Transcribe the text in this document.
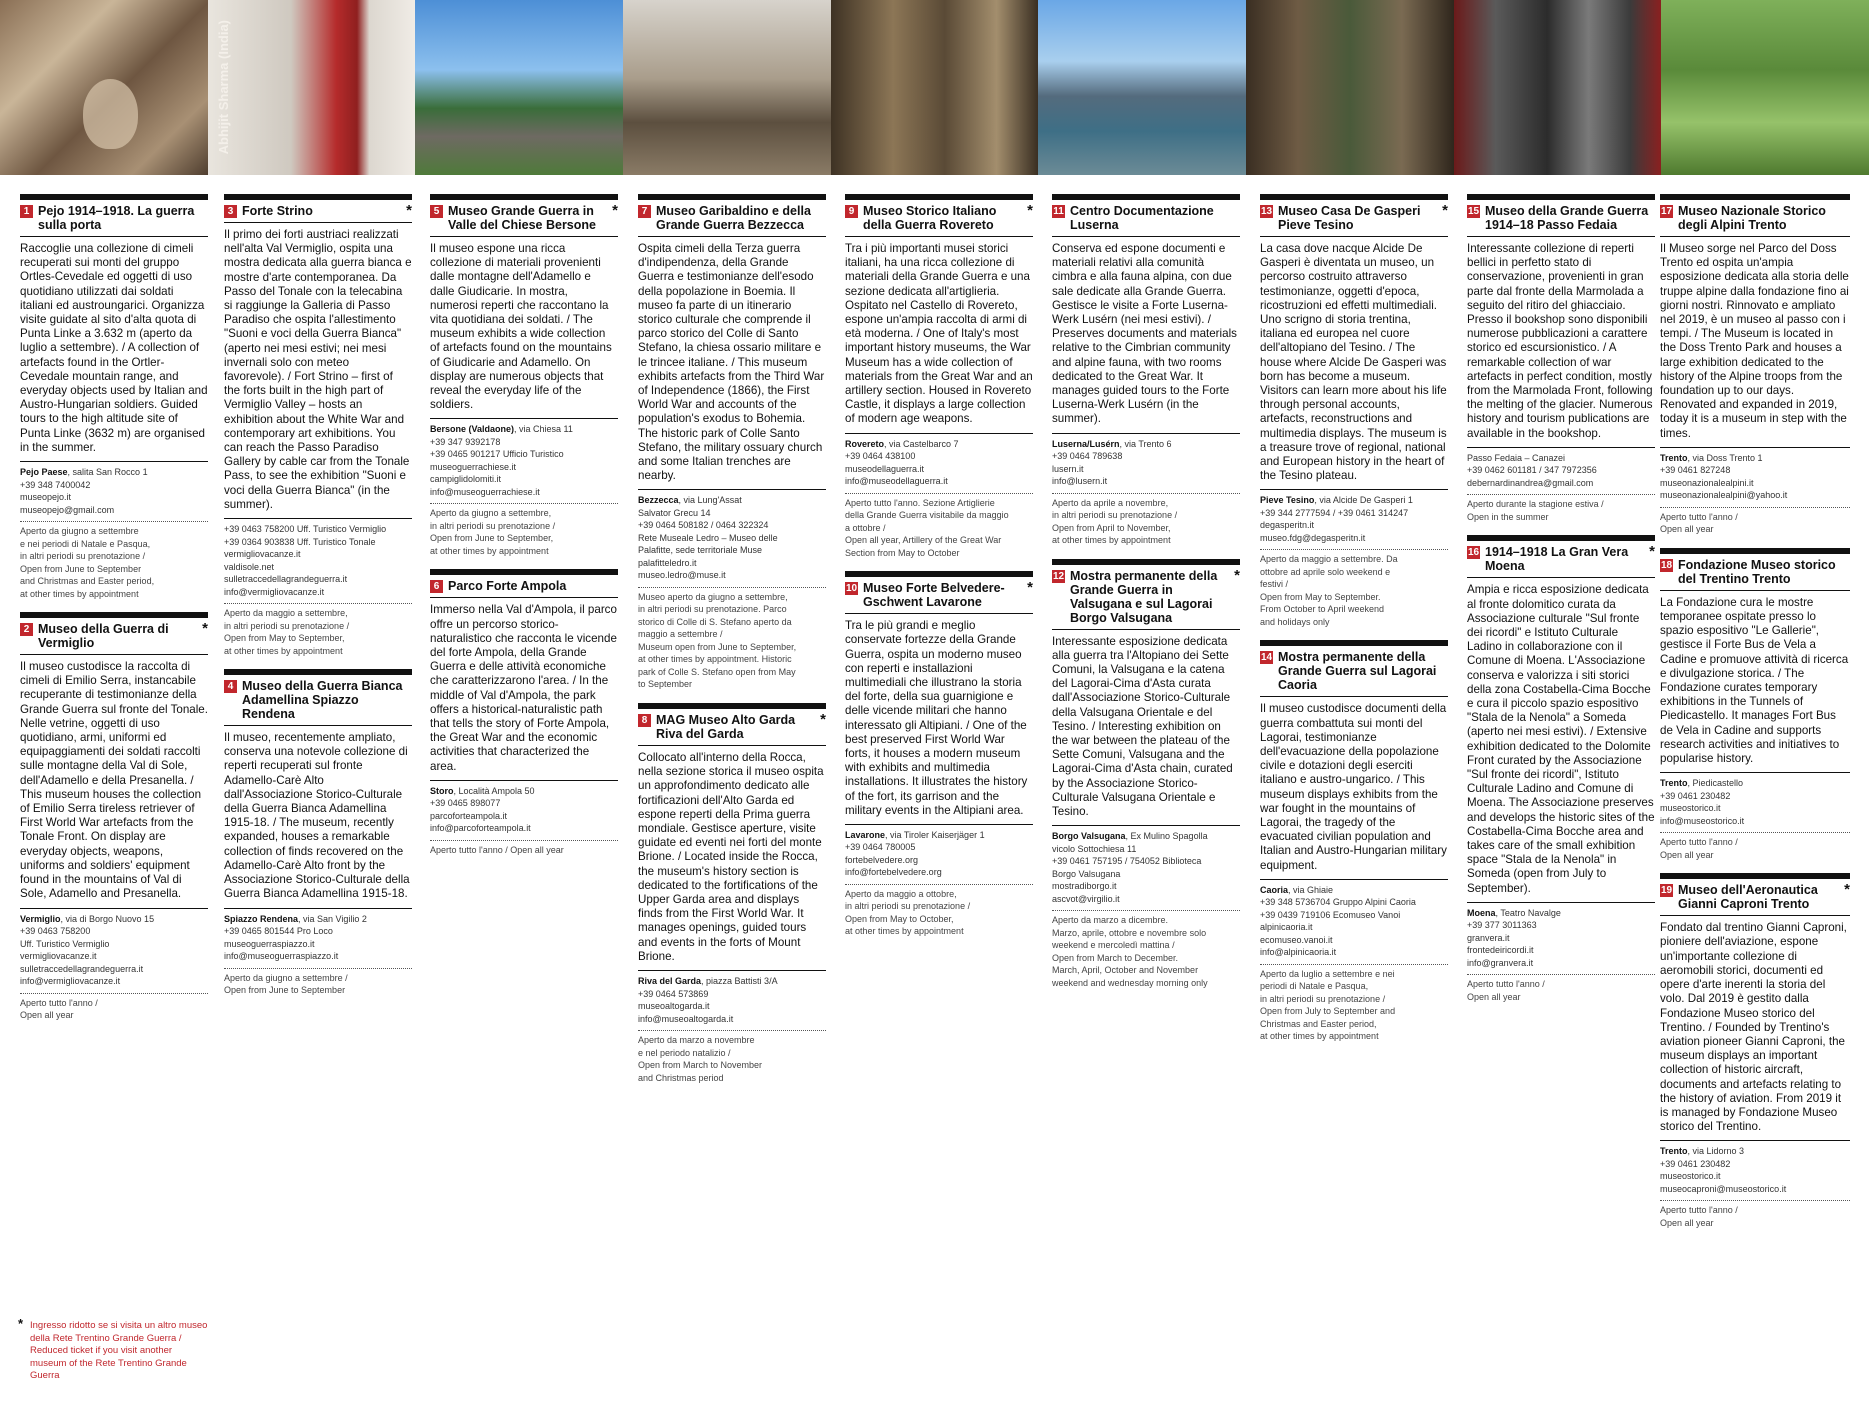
Abhijit Sharma (India)
1 Pejo 1914–1918. La guerra sulla porta
Raccoglie una collezione di cimeli recuperati sui monti del gruppo Ortles-Cevedale ed oggetti di uso quotidiano utilizzati dai soldati italiani ed austroungarici. Organizza visite guidate al sito d'alta quota di Punta Linke a 3.632 m (aperto da luglio a settembre). / A collection of artefacts found in the Ortler-Cevedale mountain range, and everyday objects used by Italian and Austro-Hungarian soldiers. Guided tours to the high altitude site of Punta Linke (3632 m) are organised in the summer.
Pejo Paese, salita San Rocco 1
+39 348 7400042
museopejo.it
museopejo@gmail.com
Aperto da giugno a settembre
e nei periodi di Natale e Pasqua,
in altri periodi su prenotazione /
Open from June to September
and Christmas and Easter period,
at other times by appointment
2 Museo della Guerra di Vermiglio
*
Il museo custodisce la raccolta di cimeli di Emilio Serra, instancabile recuperante di testimonianze della Grande Guerra sul fronte del Tonale. Nelle vetrine, oggetti di uso quotidiano, armi, uniformi ed equipaggiamenti dei soldati raccolti sulle montagne della Val di Sole, dell'Adamello e della Presanella. / This museum houses the collection of Emilio Serra tireless retriever of First World War artefacts from the Tonale Front. On display are everyday objects, weapons, uniforms and soldiers' equipment found in the mountains of Val di Sole, Adamello and Presanella.
Vermiglio, via di Borgo Nuovo 15
+39 0463 758200
Uff. Turistico Vermiglio
vermigliovacanze.it
sulletraccedellagrandeguerra.it
info@vermigliovacanze.it
Aperto tutto l'anno /
Open all year
3 Forte Strino	*
Il primo dei forti austriaci realizzati nell'alta Val Vermiglio, ospita una mostra dedicata alla guerra bianca e mostre d'arte contemporanea. Da Passo del Tonale con la telecabina si raggiunge la Galleria di Passo Paradiso che ospita l'allestimento "Suoni e voci della Guerra Bianca" (aperto nei mesi estivi; nei mesi invernali solo con meteo favorevole). / Fort Strino – first of the forts built in the high part of Vermiglio Valley – hosts an exhibition about the White War and contemporary art exhibitions. You can reach the Passo Paradiso Gallery by cable car from the Tonale Pass, to see the exhibition "Suoni e voci della Guerra Bianca" (in the summer).
+39 0463 758200 Uff. Turistico Vermiglio
+39 0364 903838 Uff. Turistico Tonale
vermigliovacanze.it
valdisole.net
sulletraccedellagrandeguerra.it
info@vermigliovacanze.it
Aperto da maggio a settembre,
in altri periodi su prenotazione /
Open from May to September,
at other times by appointment
4 Museo della Guerra Bianca Adamellina Spiazzo Rendena
Il museo, recentemente ampliato, conserva una notevole collezione di reperti recuperati sul fronte Adamello-Carè Alto dall'Associazione Storico-Culturale della Guerra Bianca Adamellina 1915-18. / The museum, recently expanded, houses a remarkable collection of finds recovered on the Adamello-Carè Alto front by the Associazione Storico-Culturale della Guerra Bianca Adamellina 1915-18.
Spiazzo Rendena, via San Vigilio 2
+39 0465 801544 Pro Loco
museoguerraspiazzo.it
info@museoguerraspiazzo.it
Aperto da giugno a settembre /
Open from June to September
5 Museo Grande Guerra in Valle del Chiese Bersone
*
Il museo espone una ricca collezione di materiali provenienti dalle montagne dell'Adamello e dalle Giudicarie. In mostra, numerosi reperti che raccontano la vita quotidiana dei soldati. / The museum exhibits a wide collection of artefacts found on the mountains of Giudicarie and Adamello. On display are numerous objects that reveal the everyday life of the soldiers.
Bersone (Valdaone), via Chiesa 11
+39 347 9392178
+39 0465 901217 Ufficio Turistico
museoguerrachiese.it
campiglidolomiti.it
info@museoguerrachiese.it
Aperto da giugno a settembre,
in altri periodi su prenotazione /
Open from June to September,
at other times by appointment
6 Parco Forte Ampola
Immerso nella Val d'Ampola, il parco offre un percorso storico-naturalistico che racconta le vicende del forte Ampola, della Grande Guerra e delle attività economiche che caratterizzarono l'area. / In the middle of Val d'Ampola, the park offers a historical-naturalistic path that tells the story of Forte Ampola, the Great War and the economic activities that characterized the area.
Storo, Località Ampola 50
+39 0465 898077
parcoforteampola.it
info@parcoforteampola.it
Aperto tutto l'anno / Open all year
7 Museo Garibaldino e della Grande Guerra Bezzecca
Ospita cimeli della Terza guerra d'indipendenza, della Grande Guerra e testimonianze dell'esodo della popolazione in Boemia. Il museo fa parte di un itinerario storico culturale che comprende il parco storico del Colle di Santo Stefano, la chiesa ossario militare e le trincee italiane. / This museum exhibits artefacts from the Third War of Independence (1866), the First World War and accounts of the population's exodus to Bohemia. The historic park of Colle Santo Stefano, the military ossuary church and some Italian trenches are nearby.
Bezzecca, via Lung'Assat
Salvator Grecu 14
+39 0464 508182 / 0464 322324
Rete Museale Ledro – Museo delle
Palafitte, sede territoriale Muse
palafitteledro.it
museo.ledro@muse.it
Museo aperto da giugno a settembre,
in altri periodi su prenotazione. Parco
storico di Colle di S. Stefano aperto da
maggio a settembre /
Museum open from June to September,
at other times by appointment. Historic
park of Colle S. Stefano open from May
to September
8 MAG Museo Alto Garda Riva del Garda
*
Collocato all'interno della Rocca, nella sezione storica il museo ospita un approfondimento dedicato alle fortificazioni dell'Alto Garda ed espone reperti della Prima guerra mondiale. Gestisce aperture, visite guidate ed eventi nei forti del monte Brione. / Located inside the Rocca, the museum's history section is dedicated to the fortifications of the Upper Garda area and displays finds from the First World War. It manages openings, guided tours and events in the forts of Mount Brione.
Riva del Garda, piazza Battisti 3/A
+39 0464 573869
museoaltogarda.it
info@museoaltogarda.it
Aperto da marzo a novembre
e nel periodo natalizio /
Open from March to November
and Christmas period
9 Museo Storico Italiano della Guerra Rovereto
*
Tra i più importanti musei storici italiani, ha una ricca collezione di materiali della Grande Guerra e una sezione dedicata all'artiglieria. Ospitato nel Castello di Rovereto, espone un'ampia raccolta di armi di età moderna. / One of Italy's most important history museums, the War Museum has a wide collection of materials from the Great War and an artillery section. Housed in Rovereto Castle, it displays a large collection of modern age weapons.
Rovereto, via Castelbarco 7
+39 0464 438100
museodellaguerra.it
info@museodellaguerra.it
Aperto tutto l'anno. Sezione Artiglierie
della Grande Guerra visitabile da maggio
a ottobre /
Open all year, Artillery of the Great War
Section from May to October
10 Museo Forte Belvedere-Gschwent Lavarone
*
Tra le più grandi e meglio conservate fortezze della Grande Guerra, ospita un moderno museo con reperti e installazioni multimediali che illustrano la storia del forte, della sua guarnigione e delle vicende militari che hanno interessato gli Altipiani. / One of the best preserved First World War forts, it houses a modern museum with exhibits and multimedia installations. It illustrates the history of the fort, its garrison and the military events in the Altipiani area.
Lavarone, via Tiroler Kaiserjäger 1
+39 0464 780005
fortebelvedere.org
info@fortebelvedere.org
Aperto da maggio a ottobre,
in altri periodi su prenotazione /
Open from May to October,
at other times by appointment
11 Centro Documentazione Luserna
Conserva ed espone documenti e materiali relativi alla comunità cimbra e alla fauna alpina, con due sale dedicate alla Grande Guerra. Gestisce le visite a Forte Luserna-Werk Lusérn (nei mesi estivi). / Preserves documents and materials relative to the Cimbrian community and alpine fauna, with two rooms dedicated to the Great War. It manages guided tours to the Forte Luserna-Werk Lusérn (in the summer).
Luserna/Lusérn, via Trento 6
+39 0464 789638
lusern.it
info@lusern.it
Aperto da aprile a novembre,
in altri periodi su prenotazione /
Open from April to November,
at other times by appointment
12 Mostra permanente della Grande Guerra in Valsugana e sul Lagorai Borgo Valsugana
*
Interessante esposizione dedicata alla guerra tra l'Altopiano dei Sette Comuni, la Valsugana e la catena del Lagorai-Cima d'Asta curata dall'Associazione Storico-Culturale della Valsugana Orientale e del Tesino. / Interesting exhibition on the war between the plateau of the Sette Comuni, Valsugana and the Lagorai-Cima d'Asta chain, curated by the Associazione Storico-Culturale Valsugana Orientale e Tesino.
Borgo Valsugana, Ex Mulino Spagolla
vicolo Sottochiesa 11
+39 0461 757195 / 754052 Biblioteca
Borgo Valsugana
mostradiborgo.it
ascvot@virgilio.it
Aperto da marzo a dicembre.
Marzo, aprile, ottobre e novembre solo
weekend e mercoledì mattina /
Open from March to December.
March, April, October and November
weekend and wednesday morning only
13 Museo Casa De Gasperi Pieve Tesino
*
La casa dove nacque Alcide De Gasperi è diventata un museo, un percorso costruito attraverso testimonianze, oggetti d'epoca, ricostruzioni ed effetti multimediali. Uno scrigno di storia trentina, italiana ed europea nel cuore dell'altopiano del Tesino. / The house where Alcide De Gasperi was born has become a museum. Visitors can learn more about his life through personal accounts, artefacts, reconstructions and multimedia displays. The museum is a treasure trove of regional, national and European history in the heart of the Tesino plateau.
Pieve Tesino, via Alcide De Gasperi 1
+39 344 2777594 / +39 0461 314247
degasperitn.it
museo.fdg@degasperitn.it
Aperto da maggio a settembre. Da
ottobre ad aprile solo weekend e
festivi /
Open from May to September.
From October to April weekend
and holidays only
14 Mostra permanente della Grande Guerra sul Lagorai Caoria
Il museo custodisce documenti della guerra combattuta sui monti del Lagorai, testimonianze dell'evacuazione della popolazione civile e dotazioni degli eserciti italiano e austro-ungarico. / This museum displays exhibits from the war fought in the mountains of Lagorai, the tragedy of the evacuated civilian population and Italian and Austro-Hungarian military equipment.
Caoria, via Ghiaie
+39 348 5736704 Gruppo Alpini Caoria
+39 0439 719106 Ecomuseo Vanoi
alpinicaoria.it
ecomuseo.vanoi.it
info@alpinicaoria.it
Aperto da luglio a settembre e nei
periodi di Natale e Pasqua,
in altri periodi su prenotazione /
Open from July to September and
Christmas and Easter period,
at other times by appointment
15 Museo della Grande Guerra 1914–18 Passo Fedaia
Interessante collezione di reperti bellici in perfetto stato di conservazione, provenienti in gran parte dal fronte della Marmolada a seguito del ritiro del ghiacciaio. Presso il bookshop sono disponibili numerose pubblicazioni a carattere storico ed escursionistico. / A remarkable collection of war artefacts in perfect condition, mostly from the Marmolada Front, following the melting of the glacier. Numerous history and tourism publications are available in the bookshop.
Passo Fedaia – Canazei
+39 0462 601181 / 347 7972356
debernardinandrea@gmail.com
Aperto durante la stagione estiva /
Open in the summer
16 1914–1918 La Gran Vera Moena
*
Ampia e ricca esposizione dedicata al fronte dolomitico curata da Associazione culturale "Sul fronte dei ricordi" e Istituto Culturale Ladino in collaborazione con il Comune di Moena. L'Associazione conserva e valorizza i siti storici della zona Costabella-Cima Bocche e cura il piccolo spazio espositivo "Stala de la Nenola" a Someda (aperto nei mesi estivi). / Extensive exhibition dedicated to the Dolomite Front curated by the Associazione "Sul fronte dei ricordi", Istituto Culturale Ladino and Comune di Moena. The Associazione preserves and develops the historic sites of the Costabella-Cima Bocche area and takes care of the small exhibition space "Stala de la Nenola" in Someda (open from July to September).
Moena, Teatro Navalge
+39 377 3011363
granvera.it
frontedeiricordi.it
info@granvera.it
Aperto tutto l'anno /
Open all year
17 Museo Nazionale Storico degli Alpini Trento
Il Museo sorge nel Parco del Doss Trento ed ospita un'ampia esposizione dedicata alla storia delle truppe alpine dalla fondazione fino ai giorni nostri. Rinnovato e ampliato nel 2019, è un museo al passo con i tempi. / The Museum is located in the Doss Trento Park and houses a large exhibition dedicated to the history of the Alpine troops from the foundation up to our days. Renovated and expanded in 2019, today it is a museum in step with the times.
Trento, via Doss Trento 1
+39 0461 827248
museonazionalealpini.it
museonazionalealpini@yahoo.it
Aperto tutto l'anno /
Open all year
18 Fondazione Museo storico del Trentino Trento
La Fondazione cura le mostre temporanee ospitate presso lo spazio espositivo "Le Gallerie", gestisce il Forte Bus de Vela a Cadine e promuove attività di ricerca e divulgazione storica. / The Fondazione curates temporary exhibitions in the Tunnels of Piedicastello. It manages Fort Bus de Vela in Cadine and supports research activities and initiatives to popularise history.
Trento, Piedicastello
+39 0461 230482
museostorico.it
info@museostorico.it
Aperto tutto l'anno /
Open all year
19 Museo dell'Aeronautica Gianni Caproni Trento
*
Fondato dal trentino Gianni Caproni, pioniere dell'aviazione, espone un'importante collezione di aeromobili storici, documenti ed opere d'arte inerenti la storia del volo. Dal 2019 è gestito dalla Fondazione Museo storico del Trentino. / Founded by Trentino's aviation pioneer Gianni Caproni, the museum displays an important collection of historic aircraft, documents and artefacts relating to the history of aviation. From 2019 it is managed by Fondazione Museo storico del Trentino.
Trento, via Lidorno 3
+39 0461 230482
museostorico.it
museocaproni@museostorico.it
Aperto tutto l'anno /
Open all year
* Ingresso ridotto se si visita un altro museo della Rete Trentino Grande Guerra / Reduced ticket if you visit another museum of the Rete Trentino Grande Guerra
